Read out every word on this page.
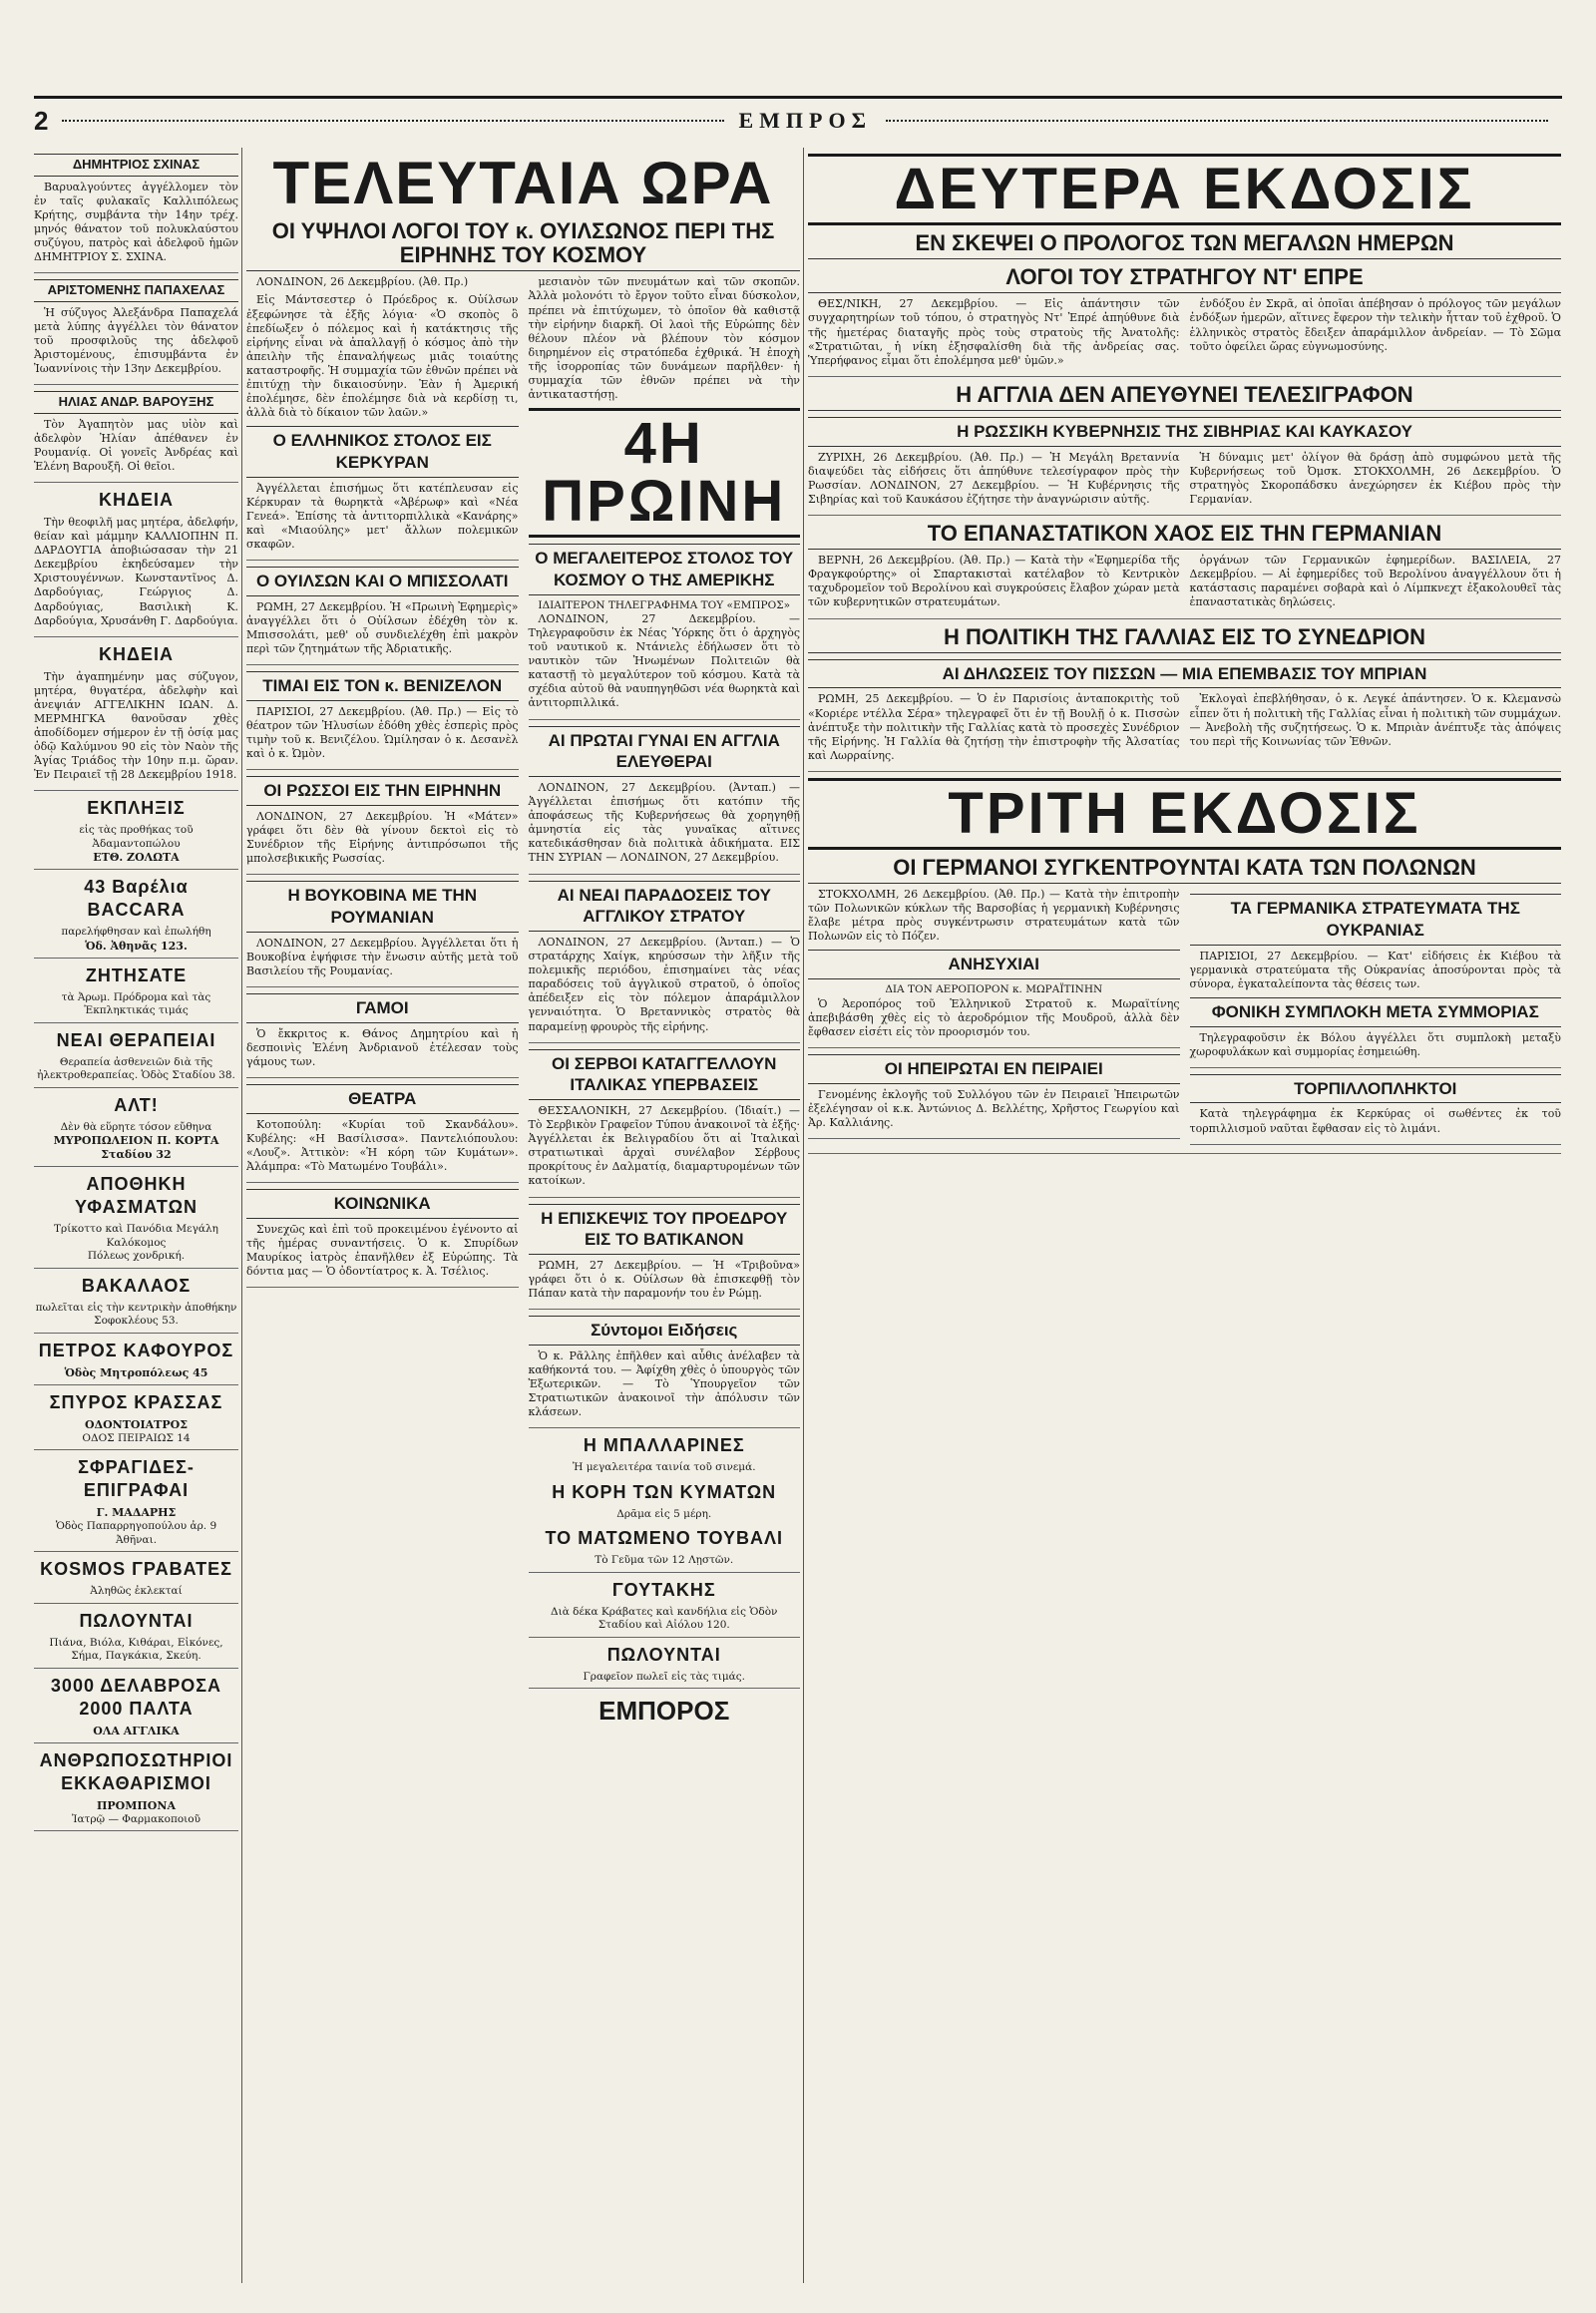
2	ΕΜΠΡΟΣ
ΔΗΜΗΤΡΙΟΣ ΣΧΙΝΑΣ
Βαρυαλγούντες ἀγγέλλομεν τὸν ἐν ταῖς φυλακαῖς Καλλιπόλεως Κρήτης, συμβάντα τὴν 14ην τρέχ. μηνός θάνατον τοῦ πολυκλαύστου συζύγου, πατρὸς καὶ ἀδελφοῦ ἡμῶν ΔΗΜΗΤΡΙΟΥ Σ. ΣΧΙΝΑ.
ΑΡΙΣΤΟΜΕΝΗΣ ΠΑΠΑΧΕΛΑΣ
Ἡ σύζυγος Ἀλεξάνδρα Παπαχελά μετὰ λύπης ἀγγέλλει τὸν θάνατον τοῦ προσφιλοῦς της ἀδελφοῦ Ἀριστομένους, ἐπισυμβάντα ἐν Ἰωαννίνοις τὴν 13ην Δεκεμβρίου.
ΗΛΙΑΣ ΑΝΔΡ. ΒΑΡΟΥΞΗΣ
Τὸν Ἀγαπητὸν μας υἱὸν καὶ ἀδελφὸν Ἠλίαν ἀπέθανεν ἐν Ρουμανίᾳ. Οἱ γονεῖς Ἀνδρέας καὶ Ἑλένη Βαρουξῆ. Οἱ θεῖοι.
ΚΗΔΕΙΑ
Τὴν θεοφιλῆ μας μητέρα, ἀδελφήν, θείαν καὶ μάμμην ΚΑΛΛΙΟΠΗΝ Π. ΔΑΡΔΟΥΓΙΑ ἀποβιώσασαν τὴν 21 Δεκεμβρίου ἐκηδεύσαμεν τὴν Χριστουγέννων. Κωνσταντῖνος Δ. Δαρδούγιας, Γεώργιος Δ. Δαρδούγιας, Βασιλικὴ Κ. Δαρδούγια, Χρυσάνθη Γ. Δαρδούγια.
ΚΗΔΕΙΑ
Τὴν ἀγαπημένην μας σύζυγον, μητέρα, θυγατέρα, ἀδελφὴν καὶ ἀνεψιάν ΑΓΓΕΛΙΚΗΝ ΙΩΑΝ. Δ. ΜΕΡΜΗΓΚΑ θανοῦσαν χθὲς ἀποδίδομεν σήμερον ἐν τῇ ὁσίᾳ μας ὁδῷ Καλύμνου 90 εἰς τὸν Ναὸν τῆς Ἁγίας Τριάδος τὴν 10ην π.μ. ὥραν. Ἐν Πειραιεῖ τῇ 28 Δεκεμβρίου 1918.
ΕΚΠΛΗΞΙΣ
εἰς τὰς προθήκας τοῦ Ἀδαμαντοπώλου
ΕΤΘ. ΖΟΛΩΤΑ
43 Βαρέλια BACCARA
παρελήφθησαν καὶ ἐπωλήθη
Ὁδ. Ἀθηνᾶς 123.
ΖΗΤΗΣΑΤΕ
τὰ Ἀρωμ. Πρόδρομα καὶ τὰς Ἐκπληκτικάς τιμάς
ΝΕΑΙ ΘΕΡΑΠΕΙΑΙ
Θεραπεία ἀσθενειῶν διὰ τῆς ἠλεκτροθεραπείας. Ὁδὸς Σταδίου 38.
ΑΛΤ!
Δὲν θὰ εὕρητε τόσον εὔθηνα
ΜΥΡΟΠΩΛΕΙΟΝ Π. ΚΟΡΤΑ
Σταδίου 32
ΑΠΟΘΗΚΗ ΥΦΑΣΜΑΤΩΝ
Τρίκοττο καὶ Πανόδια Μεγάλη Καλόκομος
Πόλεως χονδρική.
ΒΑΚΑΛΑΟΣ
πωλεῖται εἰς τὴν κεντρικὴν ἀποθήκην Σοφοκλέους 53.
ΠΕΤΡΟΣ ΚΑΦΟΥΡΟΣ
Ὁδὸς Μητροπόλεως 45
ΣΠΥΡΟΣ ΚΡΑΣΣΑΣ
ΟΔΟΝΤΟΙΑΤΡΟΣ
ΟΔΟΣ ΠΕΙΡΑΙΩΣ 14
ΣΦΡΑΓΙΔΕΣ-ΕΠΙΓΡΑΦΑΙ
Γ. ΜΑΔΑΡΗΣ
Ὁδὸς Παπαρρηγοπούλου ἀρ. 9 Ἀθῆναι.
KOSMOS ΓΡΑΒΑΤΕΣ
Ἀληθῶς ἐκλεκταί
ΠΩΛΟΥΝΤΑΙ
Πιάνα, Βιόλα, Κιθάραι, Εἰκόνες, Σήμα, Παγκάκια, Σκεύη.
3000 ΔΕΛΑΒΡΟΣΑ 2000 ΠΑΛΤΑ
ΟΛΑ ΑΓΓΛΙΚΑ
ΑΝΘΡΩΠΟΣΩΤΗΡΙΟΙ ΕΚΚΑΘΑΡΙΣΜΟΙ
ΠΡΟΜΠΟΝΑ
Ἰατρῷ — Φαρμακοποιοῦ
ΤΕΛΕΥΤΑΙΑ ΩΡΑ
ΟΙ ΥΨΗΛΟΙ ΛΟΓΟΙ ΤΟΥ κ. ΟΥΙΛΣΩΝΟΣ ΠΕΡΙ ΤΗΣ ΕΙΡΗΝΗΣ ΤΟΥ ΚΟΣΜΟΥ
ΛΟΝΔΙΝΟΝ, 26 Δεκεμβρίου. (Ἀθ. Πρ.)
Εἰς Μάντσεστερ ὁ Πρόεδρος κ. Οὐίλσων ἐξεφώνησε τὰ ἑξῆς λόγια· «Ὁ σκοπὸς ὃ ἐπεδίωξεν ὁ πόλεμος καὶ ἡ κατάκτησις τῆς εἰρήνης εἶναι νὰ ἀπαλλαγῇ ὁ κόσμος ἀπὸ τὴν ἀπειλὴν τῆς ἐπαναλήψεως μιᾶς τοιαύτης καταστροφῆς. Ἡ συμμαχία τῶν ἐθνῶν πρέπει νὰ ἐπιτύχῃ τὴν δικαιοσύνην. Ἐὰν ἡ Ἀμερική ἐπολέμησε, δὲν ἐπολέμησε διὰ νὰ κερδίσῃ τι, ἀλλὰ διὰ τὸ δίκαιον τῶν λαῶν.»
Ο ΕΛΛΗΝΙΚΟΣ ΣΤΟΛΟΣ ΕΙΣ ΚΕΡΚΥΡΑΝ
Ἀγγέλλεται ἐπισήμως ὅτι κατέπλευσαν εἰς Κέρκυραν τὰ θωρηκτὰ «Ἀβέρωφ» καὶ «Νέα Γενεά». Ἐπίσης τὰ ἀντιτορπιλλικὰ «Κανάρης» καὶ «Μιαούλης» μετ' ἄλλων πολεμικῶν σκαφῶν.
Ο ΟΥΙΛΣΩΝ ΚΑΙ Ο ΜΠΙΣΣΟΛΑΤΙ
ΡΩΜΗ, 27 Δεκεμβρίου. Ἡ «Πρωινὴ Ἐφημερὶς» ἀναγγέλλει ὅτι ὁ Οὐίλσων ἐδέχθη τὸν κ. Μπισσολάτι, μεθ' οὗ συνδιελέχθη ἐπὶ μακρὸν περὶ τῶν ζητημάτων τῆς Ἀδριατικῆς.
ΤΙΜΑΙ ΕΙΣ ΤΟΝ κ. ΒΕΝΙΖΕΛΟΝ
ΠΑΡΙΣΙΟΙ, 27 Δεκεμβρίου. (Ἀθ. Πρ.) — Εἰς τὸ θέατρον τῶν Ἠλυσίων ἐδόθη χθὲς ἑσπερὶς πρὸς τιμὴν τοῦ κ. Βενιζέλου. Ὡμίλησαν ὁ κ. Δεσανὲλ καὶ ὁ κ. Ὠμὸν.
ΟΙ ΡΩΣΣΟΙ ΕΙΣ ΤΗΝ ΕΙΡΗΝΗΝ
ΛΟΝΔΙΝΟΝ, 27 Δεκεμβρίου. Ἡ «Μάτεν» γράφει ὅτι δὲν θὰ γίνουν δεκτοὶ εἰς τὸ Συνέδριον τῆς Εἰρήνης ἀντιπρόσωποι τῆς μπολσεβικικῆς Ρωσσίας.
Η ΒΟΥΚΟΒΙΝΑ ΜΕ ΤΗΝ ΡΟΥΜΑΝΙΑΝ
ΛΟΝΔΙΝΟΝ, 27 Δεκεμβρίου. Ἀγγέλλεται ὅτι ἡ Βουκοβίνα ἐψήφισε τὴν ἕνωσιν αὐτῆς μετὰ τοῦ Βασιλείου τῆς Ρουμανίας.
ΓΑΜΟΙ
Ὁ ἔκκριτος κ. Θάνος Δημητρίου καὶ ἡ δεσποινὶς Ἑλένη Ἀνδριανοῦ ἐτέλεσαν τοὺς γάμους των.
ΘΕΑΤΡΑ
Κοτοπούλη: «Κυρίαι τοῦ Σκανδάλου». Κυβέλης: «Η Βασίλισσα». Παντελιόπουλου: «Λουζ». Ἀττικὸν: «Ἡ κόρη τῶν Κυμάτων». Ἀλάμπρα: «Τὸ Ματωμένο Τουβάλι».
ΚΟΙΝΩΝΙΚΑ
Συνεχῶς καὶ ἐπὶ τοῦ προκειμένου ἐγένοντο αἱ τῆς ἡμέρας συναντήσεις. Ὁ κ. Σπυρίδων Μαυρίκος ἰατρὸς ἐπανῆλθεν ἐξ Εὐρώπης. Τὰ δόντια μας — Ὁ ὀδοντίατρος κ. Ἀ. Τσέλιος.
μεσιανὸν τῶν πνευμάτων καὶ τῶν σκοπῶν. Ἀλλὰ μολονότι τὸ ἔργον τοῦτο εἶναι δύσκολον, πρέπει νὰ ἐπιτύχωμεν, τὸ ὁποῖον θὰ καθιστᾷ τὴν εἰρήνην διαρκῆ. Οἱ λαοὶ τῆς Εὐρώπης δὲν θέλουν πλέον νὰ βλέπουν τὸν κόσμον διηρημένον εἰς στρατόπεδα ἐχθρικά. Ἡ ἐποχὴ τῆς ἰσορροπίας τῶν δυνάμεων παρῆλθεν· ἡ συμμαχία τῶν ἐθνῶν πρέπει νὰ τὴν ἀντικαταστήσῃ.
4Η ΠΡΩΙΝΗ
Ο ΜΕΓΑΛΕΙΤΕΡΟΣ ΣΤΟΛΟΣ ΤΟΥ ΚΟΣΜΟΥ Ο ΤΗΣ ΑΜΕΡΙΚΗΣ
ΙΔΙΑΙΤΕΡΟΝ ΤΗΛΕΓΡΑΦΗΜΑ ΤΟΥ «ΕΜΠΡΟΣ»
ΛΟΝΔΙΝΟΝ, 27 Δεκεμβρίου. — Τηλεγραφοῦσιν ἐκ Νέας Ὑόρκης ὅτι ὁ ἀρχηγὸς τοῦ ναυτικοῦ κ. Ντάνιελς ἐδήλωσεν ὅτι τὸ ναυτικὸν τῶν Ἡνωμένων Πολιτειῶν θὰ καταστῇ τὸ μεγαλύτερον τοῦ κόσμου. Κατὰ τὰ σχέδια αὐτοῦ θὰ ναυπηγηθῶσι νέα θωρηκτὰ καὶ ἀντιτορπιλλικά.
ΑΙ ΠΡΩΤΑΙ ΓΥΝΑΙ ΕΝ ΑΓΓΛΙΑ ΕΛΕΥΘΕΡΑΙ
ΛΟΝΔΙΝΟΝ, 27 Δεκεμβρίου. (Ἀνταπ.) — Ἀγγέλλεται ἐπισήμως ὅτι κατόπιν τῆς ἀποφάσεως τῆς Κυβερνήσεως θὰ χορηγηθῇ ἀμνηστία εἰς τὰς γυναῖκας αἵτινες κατεδικάσθησαν διὰ πολιτικὰ ἀδικήματα. ΕΙΣ ΤΗΝ ΣΥΡΙΑΝ — ΛΟΝΔΙΝΟΝ, 27 Δεκεμβρίου.
ΑΙ ΝΕΑΙ ΠΑΡΑΔΟΣΕΙΣ ΤΟΥ ΑΓΓΛΙΚΟΥ ΣΤΡΑΤΟΥ
ΛΟΝΔΙΝΟΝ, 27 Δεκεμβρίου. (Ἀνταπ.) — Ὁ στρατάρχης Χαίγκ, κηρύσσων τὴν λῆξιν τῆς πολεμικῆς περιόδου, ἐπισημαίνει τὰς νέας παραδόσεις τοῦ ἀγγλικοῦ στρατοῦ, ὁ ὁποῖος ἀπέδειξεν εἰς τὸν πόλεμον ἀπαράμιλλον γενναιότητα. Ὁ Βρεταννικὸς στρατὸς θὰ παραμείνῃ φρουρὸς τῆς εἰρήνης.
ΟΙ ΣΕΡΒΟΙ ΚΑΤΑΓΓΕΛΛΟΥΝ ΙΤΑΛΙΚΑΣ ΥΠΕΡΒΑΣΕΙΣ
ΘΕΣΣΑΛΟΝΙΚΗ, 27 Δεκεμβρίου. (Ἰδιαίτ.) — Τὸ Σερβικὸν Γραφεῖον Τύπου ἀνακοινοῖ τὰ ἑξῆς· Ἀγγέλλεται ἐκ Βελιγραδίου ὅτι αἱ Ἰταλικαὶ στρατιωτικαὶ ἀρχαὶ συνέλαβον Σέρβους προκρίτους ἐν Δαλματίᾳ, διαμαρτυρομένων τῶν κατοίκων.
Η ΕΠΙΣΚΕΨΙΣ ΤΟΥ ΠΡΟΕΔΡΟΥ ΕΙΣ ΤΟ ΒΑΤΙΚΑΝΟΝ
ΡΩΜΗ, 27 Δεκεμβρίου. — Ἡ «Τριβοῦνα» γράφει ὅτι ὁ κ. Οὐίλσων θὰ ἐπισκεφθῇ τὸν Πάπαν κατὰ τὴν παραμονήν του ἐν Ρώμῃ.
Σύντομοι Ειδήσεις
Ὁ κ. Ρᾶλλης ἐπῆλθεν καὶ αὖθις ἀνέλαβεν τὰ καθήκοντά του. — Ἀφίχθη χθὲς ὁ ὑπουργὸς τῶν Ἐξωτερικῶν. — Τὸ Ὑπουργεῖον τῶν Στρατιωτικῶν ἀνακοινοῖ τὴν ἀπόλυσιν τῶν κλάσεων.
Η ΜΠΑΛΛΑΡΙΝΕΣ
Ἡ μεγαλειτέρα ταινία τοῦ σινεμά.
Η ΚΟΡΗ ΤΩΝ ΚΥΜΑΤΩΝ
Δρᾶμα εἰς 5 μέρη.
ΤΟ ΜΑΤΩΜΕΝΟ ΤΟΥΒΑΛΙ
Τὸ Γεῦμα τῶν 12 Λῃστῶν.
ΓΟΥΤΑΚΗΣ
Διὰ δέκα Κράβατες καὶ κανδήλια εἰς Ὁδὸν Σταδίου καὶ Αἰόλου 120.
ΠΩΛΟΥΝΤΑΙ
Γραφεῖον πωλεῖ εἰς τὰς τιμάς.
ΕΜΠΟΡΟΣ
ΔΕΥΤΕΡΑ ΕΚΔΟΣΙΣ
ΕΝ ΣΚΕΨΕΙ Ο ΠΡΟΛΟΓΟΣ ΤΩΝ ΜΕΓΑΛΩΝ ΗΜΕΡΩΝ
ΛΟΓΟΙ ΤΟΥ ΣΤΡΑΤΗΓΟΥ ΝΤ' ΕΠΡΕ
ΘΕΣ/ΝΙΚΗ, 27 Δεκεμβρίου. — Εἰς ἀπάντησιν τῶν συγχαρητηρίων τοῦ τόπου, ὁ στρατηγὸς Ντ' Ἐπρέ ἀπηύθυνε διὰ τῆς ἡμετέρας διαταγῆς πρὸς τοὺς στρατοὺς τῆς Ἀνατολῆς: «Στρατιῶται, ἡ νίκη ἐξησφαλίσθη διὰ τῆς ἀνδρείας σας. Ὑπερήφανος εἶμαι ὅτι ἐπολέμησα μεθ' ὑμῶν.»
ἐνδόξου ἐν Σκρᾶ, αἱ ὁποῖαι ἀπέβησαν ὁ πρόλογος τῶν μεγάλων ἐνδόξων ἡμερῶν, αἵτινες ἔφερον τὴν τελικὴν ἧτταν τοῦ ἐχθροῦ. Ὁ ἑλληνικὸς στρατὸς ἔδειξεν ἀπαράμιλλον ἀνδρείαν. — Τὸ Σῶμα τοῦτο ὀφείλει ὥρας εὐγνωμοσύνης.
Η ΑΓΓΛΙΑ ΔΕΝ ΑΠΕΥΘΥΝΕΙ ΤΕΛΕΣΙΓΡΑΦΟΝ
Η ΡΩΣΣΙΚΗ ΚΥΒΕΡΝΗΣΙΣ ΤΗΣ ΣΙΒΗΡΙΑΣ ΚΑΙ ΚΑΥΚΑΣΟΥ
ΖΥΡΙΧΗ, 26 Δεκεμβρίου. (Ἀθ. Πρ.) — Ἡ Μεγάλη Βρεταννία διαψεύδει τὰς εἰδήσεις ὅτι ἀπηύθυνε τελεσίγραφον πρὸς τὴν Ρωσσίαν. ΛΟΝΔΙΝΟΝ, 27 Δεκεμβρίου. — Ἡ Κυβέρνησις τῆς Σιβηρίας καὶ τοῦ Καυκάσου ἐζήτησε τὴν ἀναγνώρισιν αὐτῆς.
Ἡ δύναμις μετ' ὀλίγον θὰ δράσῃ ἀπὸ συμφώνου μετὰ τῆς Κυβερνήσεως τοῦ Ὀμσκ. ΣΤΟΚΧΟΛΜΗ, 26 Δεκεμβρίου. Ὁ στρατηγὸς Σκοροπάδσκυ ἀνεχώρησεν ἐκ Κιέβου πρὸς τὴν Γερμανίαν.
ΤΟ ΕΠΑΝΑΣΤΑΤΙΚΟΝ ΧΑΟΣ ΕΙΣ ΤΗΝ ΓΕΡΜΑΝΙΑΝ
ΒΕΡΝΗ, 26 Δεκεμβρίου. (Ἀθ. Πρ.) — Κατὰ τὴν «Ἐφημερίδα τῆς Φραγκφούρτης» οἱ Σπαρτακισταὶ κατέλαβον τὸ Κεντρικὸν ταχυδρομεῖον τοῦ Βερολίνου καὶ συγκρούσεις ἔλαβον χώραν μετὰ τῶν κυβερνητικῶν στρατευμάτων.
ὀργάνων τῶν Γερμανικῶν ἐφημερίδων. ΒΑΣΙΛΕΙΑ, 27 Δεκεμβρίου. — Αἱ ἐφημερίδες τοῦ Βερολίνου ἀναγγέλλουν ὅτι ἡ κατάστασις παραμένει σοβαρὰ καὶ ὁ Λίμπκνεχτ ἐξακολουθεῖ τὰς ἐπαναστατικὰς δηλώσεις.
Η ΠΟΛΙΤΙΚΗ ΤΗΣ ΓΑΛΛΙΑΣ ΕΙΣ ΤΟ ΣΥΝΕΔΡΙΟΝ
ΑΙ ΔΗΛΩΣΕΙΣ ΤΟΥ ΠΙΣΣΩΝ — ΜΙΑ ΕΠΕΜΒΑΣΙΣ ΤΟΥ ΜΠΡΙΑΝ
ΡΩΜΗ, 25 Δεκεμβρίου. — Ὁ ἐν Παρισίοις ἀνταποκριτὴς τοῦ «Κοριέρε ντέλλα Σέρα» τηλεγραφεῖ ὅτι ἐν τῇ Βουλῇ ὁ κ. Πισσὼν ἀνέπτυξε τὴν πολιτικὴν τῆς Γαλλίας κατὰ τὸ προσεχὲς Συνέδριον τῆς Εἰρήνης. Ἡ Γαλλία θὰ ζητήσῃ τὴν ἐπιστροφὴν τῆς Ἀλσατίας καὶ Λωρραίνης.
Ἐκλογαὶ ἐπεβλήθησαν, ὁ κ. Λεγκέ ἀπάντησεν. Ὁ κ. Κλεμανσὼ εἶπεν ὅτι ἡ πολιτικὴ τῆς Γαλλίας εἶναι ἡ πολιτικὴ τῶν συμμάχων. — Ἀνεβολὴ τῆς συζητήσεως. Ὁ κ. Μπριὰν ἀνέπτυξε τὰς ἀπόψεις του περὶ τῆς Κοινωνίας τῶν Ἐθνῶν.
ΤΡΙΤΗ ΕΚΔΟΣΙΣ
ΟΙ ΓΕΡΜΑΝΟΙ ΣΥΓΚΕΝΤΡΟΥΝΤΑΙ ΚΑΤΑ ΤΩΝ ΠΟΛΩΝΩΝ
ΣΤΟΚΧΟΛΜΗ, 26 Δεκεμβρίου. (Ἀθ. Πρ.) — Κατὰ τὴν ἐπιτροπὴν τῶν Πολωνικῶν κύκλων τῆς Βαρσοβίας ἡ γερμανικὴ Κυβέρνησις ἔλαβε μέτρα πρὸς συγκέντρωσιν στρατευμάτων κατὰ τῶν Πολωνῶν εἰς τὸ Πόζεν.
ΑΝΗΣΥΧΙΑΙ
ΔΙΑ ΤΟΝ ΑΕΡΟΠΟΡΟΝ κ. ΜΩΡΑΪΤΙΝΗΝ
Ὁ Ἀεροπόρος τοῦ Ἑλληνικοῦ Στρατοῦ κ. Μωραϊτίνης ἀπεβιβάσθη χθὲς εἰς τὸ ἀεροδρόμιον τῆς Μουδροῦ, ἀλλὰ δὲν ἔφθασεν εἰσέτι εἰς τὸν προορισμόν του.
ΟΙ ΗΠΕΙΡΩΤΑΙ ΕΝ ΠΕΙΡΑΙΕΙ
Γενομένης ἐκλογῆς τοῦ Συλλόγου τῶν ἐν Πειραιεῖ Ἠπειρωτῶν ἐξελέγησαν οἱ κ.κ. Ἀντώνιος Δ. Βελλέτης, Χρῆστος Γεωργίου καὶ Ἀρ. Καλλιάνης.
ΤΑ ΓΕΡΜΑΝΙΚΑ ΣΤΡΑΤΕΥΜΑΤΑ ΤΗΣ ΟΥΚΡΑΝΙΑΣ
ΠΑΡΙΣΙΟΙ, 27 Δεκεμβρίου. — Κατ' εἰδήσεις ἐκ Κιέβου τὰ γερμανικὰ στρατεύματα τῆς Οὐκρανίας ἀποσύρονται πρὸς τὰ σύνορα, ἐγκαταλείποντα τὰς θέσεις των.
ΦΟΝΙΚΗ ΣΥΜΠΛΟΚΗ ΜΕΤΑ ΣΥΜΜΟΡΙΑΣ
Τηλεγραφοῦσιν ἐκ Βόλου ἀγγέλλει ὅτι συμπλοκὴ μεταξὺ χωροφυλάκων καὶ συμμορίας ἐσημειώθη.
ΤΟΡΠΙΛΛΟΠΛΗΚΤΟΙ
Κατὰ τηλεγράφημα ἐκ Κερκύρας οἱ σωθέντες ἐκ τοῦ τορπιλλισμοῦ ναῦται ἔφθασαν εἰς τὸ λιμάνι.
